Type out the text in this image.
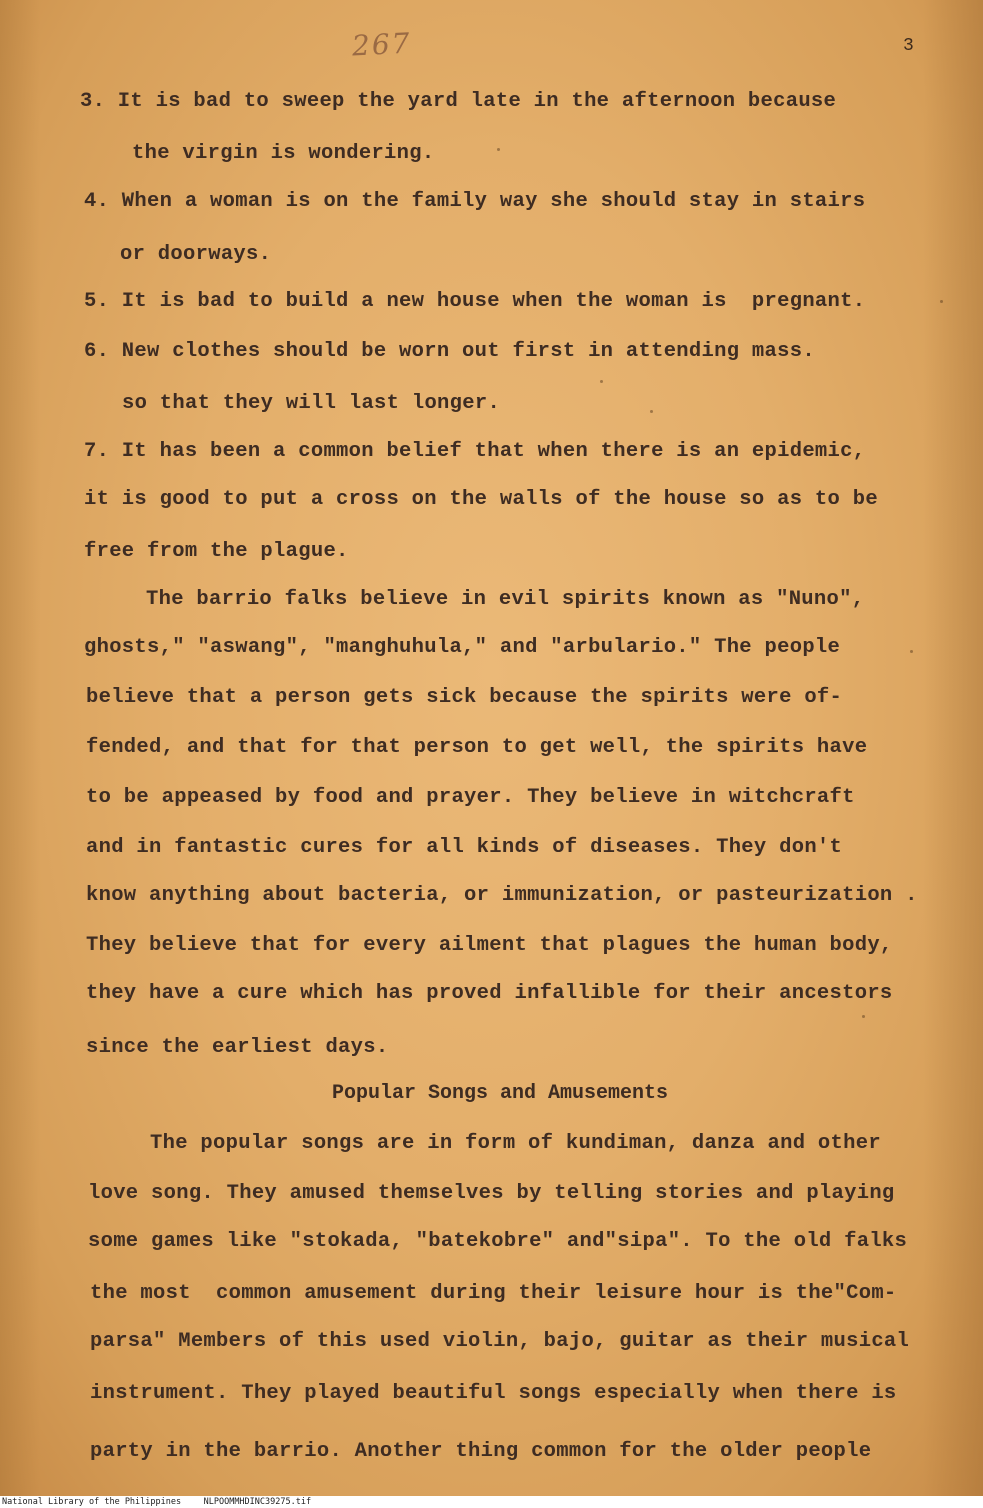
267	3
3. It is bad to sweep the yard late in the afternoon because
the virgin is wondering.
4. When a woman is on the family way she should stay in stairs
or doorways.
5. It is bad to build a new house when the woman is  pregnant.
6. New clothes should be worn out first in attending mass.
so that they will last longer.
7. It has been a common belief that when there is an epidemic,
it is good to put a cross on the walls of the house so as to be
free from the plague.
The barrio falks believe in evil spirits known as "Nuno",
ghosts," "aswang", "manghuhula," and "arbulario." The people
believe that a person gets sick because the spirits were of-
fended, and that for that person to get well, the spirits have
to be appeased by food and prayer. They believe in witchcraft
and in fantastic cures for all kinds of diseases. They don't
know anything about bacteria, or immunization, or pasteurization .
They believe that for every ailment that plagues the human body,
they have a cure which has proved infallible for their ancestors
since the earliest days.
Popular Songs and Amusements
The popular songs are in form of kundiman, danza and other
love song. They amused themselves by telling stories and playing
some games like "stokada, "batekobre" and"sipa". To the old falks
the most  common amusement during their leisure hour is the"Com-
parsa" Members of this used violin, bajo, guitar as their musical
instrument. They played beautiful songs especially when there is
party in the barrio. Another thing common for the older people
National Library of the Philippines	NLPOOMMHDINC39275.tif
